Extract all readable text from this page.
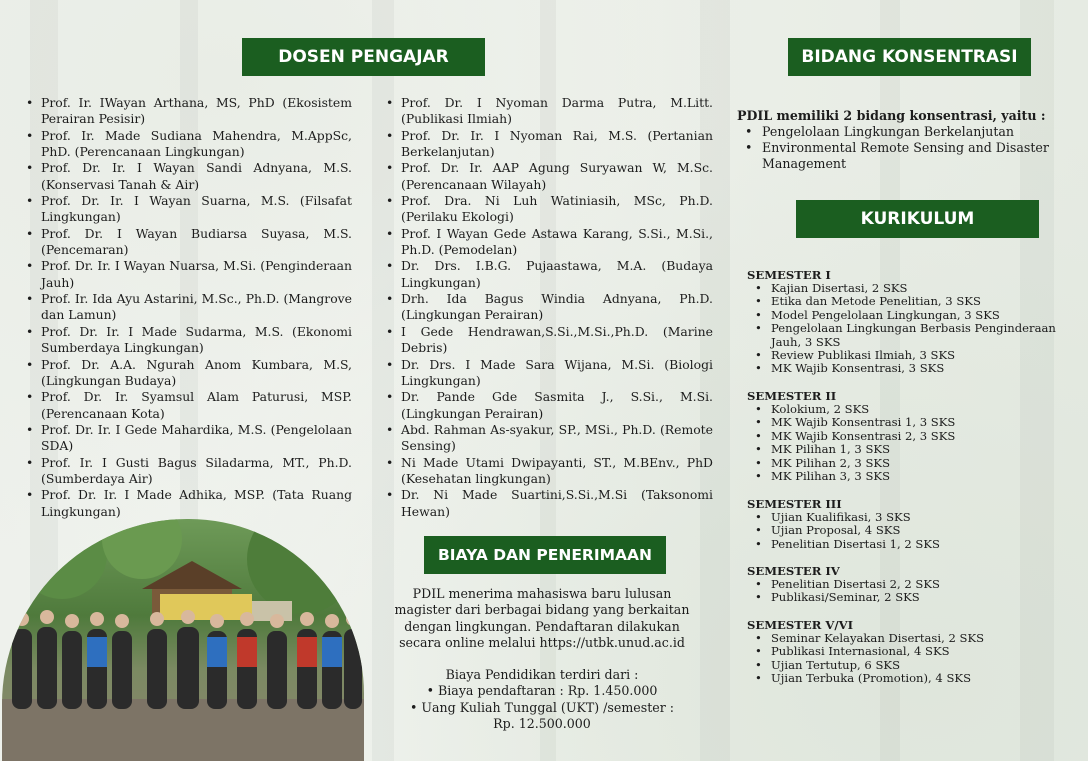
DOSEN PENGAJAR
• Prof. Ir. IWayan Arthana, MS, PhD (Ekosistem Perairan Pesisir)
• Prof. Ir. Made Sudiana Mahendra, M.AppSc, PhD. (Perencanaan Lingkungan)
• Prof. Dr. Ir. I Wayan Sandi Adnyana, M.S. (Konservasi Tanah & Air)
• Prof. Dr. Ir. I Wayan Suarna, M.S. (Filsafat Lingkungan)
• Prof. Dr. I Wayan Budiarsa Suyasa, M.S. (Pencemaran)
• Prof. Dr. Ir. I Wayan Nuarsa, M.Si. (Penginderaan Jauh)
• Prof. Ir. Ida Ayu Astarini, M.Sc., Ph.D. (Mangrove dan Lamun)
• Prof. Dr. Ir. I Made Sudarma, M.S. (Ekonomi Sumberdaya Lingkungan)
• Prof. Dr. A.A. Ngurah Anom Kumbara, M.S, (Lingkungan Budaya)
• Prof. Dr. Ir. Syamsul Alam Paturusi, MSP. (Perencanaan Kota)
• Prof. Dr. Ir. I Gede Mahardika, M.S. (Pengelolaan SDA)
• Prof. Ir. I Gusti Bagus Siladarma, MT., Ph.D. (Sumberdaya Air)
• Prof. Dr. Ir. I Made Adhika, MSP. (Tata Ruang Lingkungan)
• Prof. Dr. I Nyoman Darma Putra, M.Litt. (Publikasi Ilmiah)
• Prof. Dr. Ir. I Nyoman Rai, M.S. (Pertanian Berkelanjutan)
• Prof. Dr. Ir. AAP Agung Suryawan W, M.Sc. (Perencanaan Wilayah)
• Prof. Dra. Ni Luh Watiniasih, MSc, Ph.D. (Perilaku Ekologi)
• Prof. I Wayan Gede Astawa Karang, S.Si., M.Si., Ph.D. (Pemodelan)
• Dr. Drs. I.B.G. Pujaastawa, M.A. (Budaya Lingkungan)
• Drh. Ida Bagus Windia Adnyana, Ph.D. (Lingkungan Perairan)
• I Gede Hendrawan,S.Si.,M.Si.,Ph.D. (Marine Debris)
• Dr. Drs. I Made Sara Wijana, M.Si. (Biologi Lingkungan)
• Dr. Pande Gde Sasmita J., S.Si., M.Si. (Lingkungan Perairan)
• Abd. Rahman As-syakur, SP., MSi., Ph.D. (Remote Sensing)
• Ni Made Utami Dwipayanti, ST., M.BEnv., PhD (Kesehatan lingkungan)
• Dr. Ni Made Suartini,S.Si.,M.Si (Taksonomi Hewan)
BIAYA DAN PENERIMAAN
PDIL menerima mahasiswa baru lulusan magister dari berbagai bidang yang berkaitan dengan lingkungan. Pendaftaran dilakukan secara online melalui https://utbk.unud.ac.id
Biaya Pendidikan terdiri dari :
• Biaya pendaftaran : Rp. 1.450.000
• Uang Kuliah Tunggal (UKT) /semester :
Rp. 12.500.000
BIDANG KONSENTRASI
PDIL memiliki 2 bidang konsentrasi, yaitu :
• Pengelolaan Lingkungan Berkelanjutan
• Environmental Remote Sensing and Disaster Management
KURIKULUM
SEMESTER I
• Kajian Disertasi, 2 SKS
• Etika dan Metode Penelitian, 3 SKS
• Model Pengelolaan Lingkungan, 3 SKS
• Pengelolaan Lingkungan Berbasis Penginderaan Jauh, 3 SKS
• Review Publikasi Ilmiah, 3 SKS
• MK Wajib Konsentrasi, 3 SKS
SEMESTER II
• Kolokium, 2 SKS
• MK Wajib Konsentrasi 1, 3 SKS
• MK Wajib Konsentrasi 2, 3 SKS
• MK Pilihan 1, 3 SKS
• MK Pilihan 2, 3 SKS
• MK Pilihan 3, 3 SKS
SEMESTER III
• Ujian Kualifikasi, 3 SKS
• Ujian Proposal, 4 SKS
• Penelitian Disertasi 1, 2 SKS
SEMESTER IV
• Penelitian Disertasi 2, 2 SKS
• Publikasi/Seminar, 2 SKS
SEMESTER V/VI
• Seminar Kelayakan Disertasi, 2 SKS
• Publikasi Internasional, 4 SKS
• Ujian Tertutup, 6 SKS
• Ujian Terbuka (Promotion), 4 SKS
